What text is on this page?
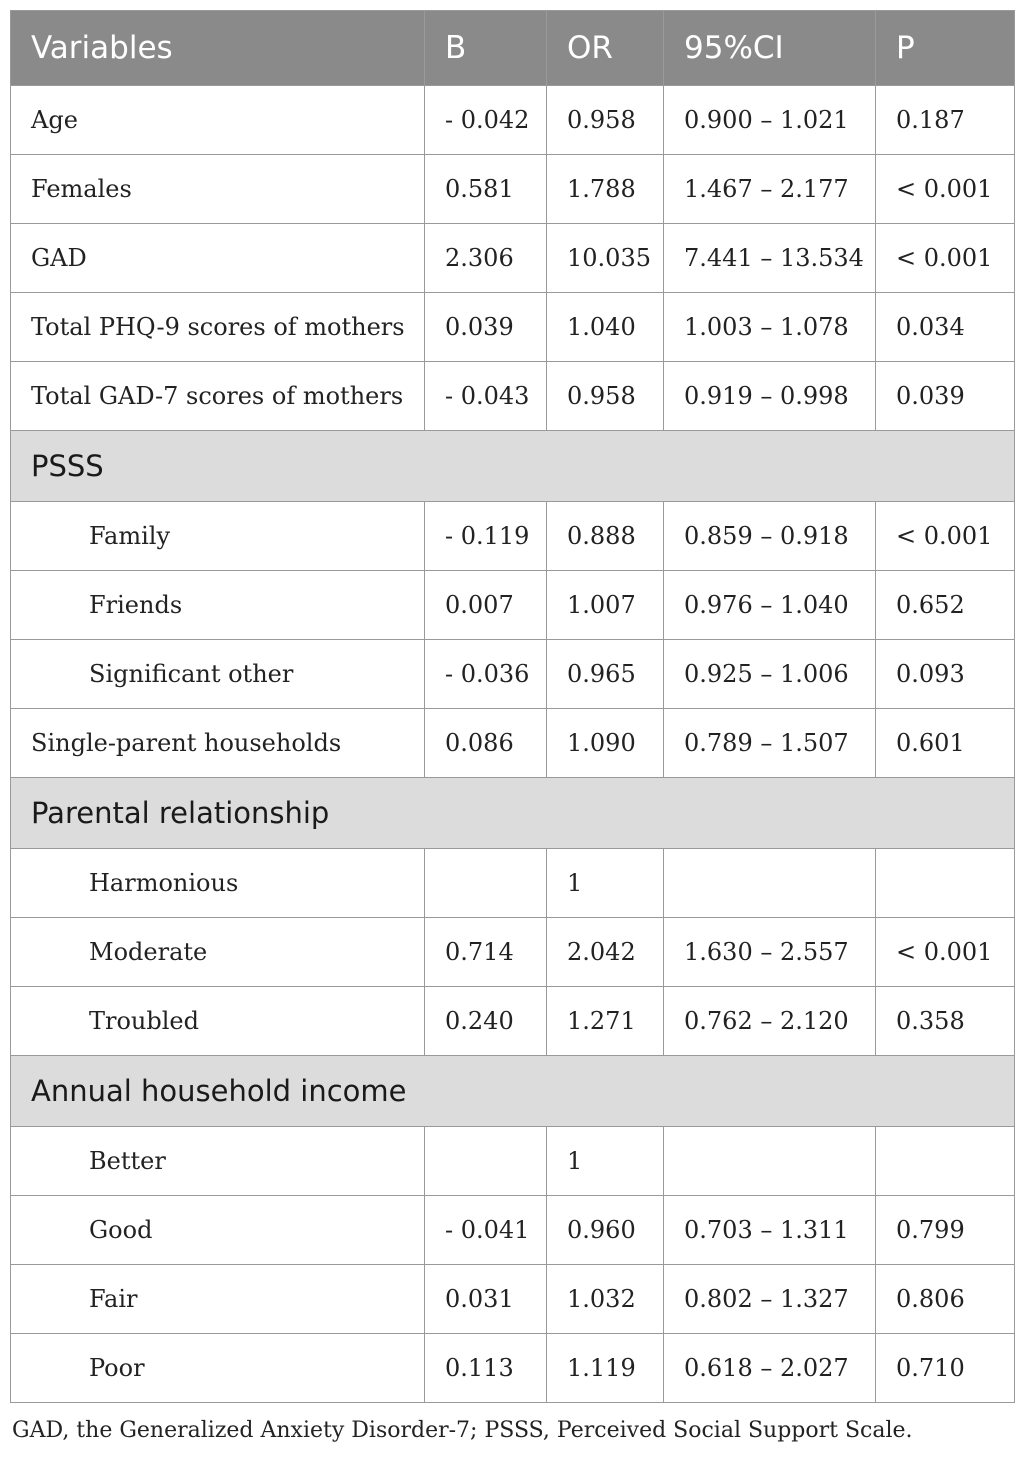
Variables	B	OR	95%CI	P
Age	- 0.042	0.958	0.900 – 1.021	0.187
Females	0.581	1.788	1.467 – 2.177	< 0.001
GAD	2.306	10.035	7.441 – 13.534	< 0.001
Total PHQ-9 scores of mothers	0.039	1.040	1.003 – 1.078	0.034
Total GAD-7 scores of mothers	- 0.043	0.958	0.919 – 0.998	0.039
PSSS				
Family	- 0.119	0.888	0.859 – 0.918	< 0.001
Friends	0.007	1.007	0.976 – 1.040	0.652
Significant other	- 0.036	0.965	0.925 – 1.006	0.093
Single-parent households	0.086	1.090	0.789 – 1.507	0.601
Parental relationship				
Harmonious		1		
Moderate	0.714	2.042	1.630 – 2.557	< 0.001
Troubled	0.240	1.271	0.762 – 2.120	0.358
Annual household income				
Better		1		
Good	- 0.041	0.960	0.703 – 1.311	0.799
Fair	0.031	1.032	0.802 – 1.327	0.806
Poor	0.113	1.119	0.618 – 2.027	0.710
GAD, the Generalized Anxiety Disorder-7; PSSS, Perceived Social Support Scale.
